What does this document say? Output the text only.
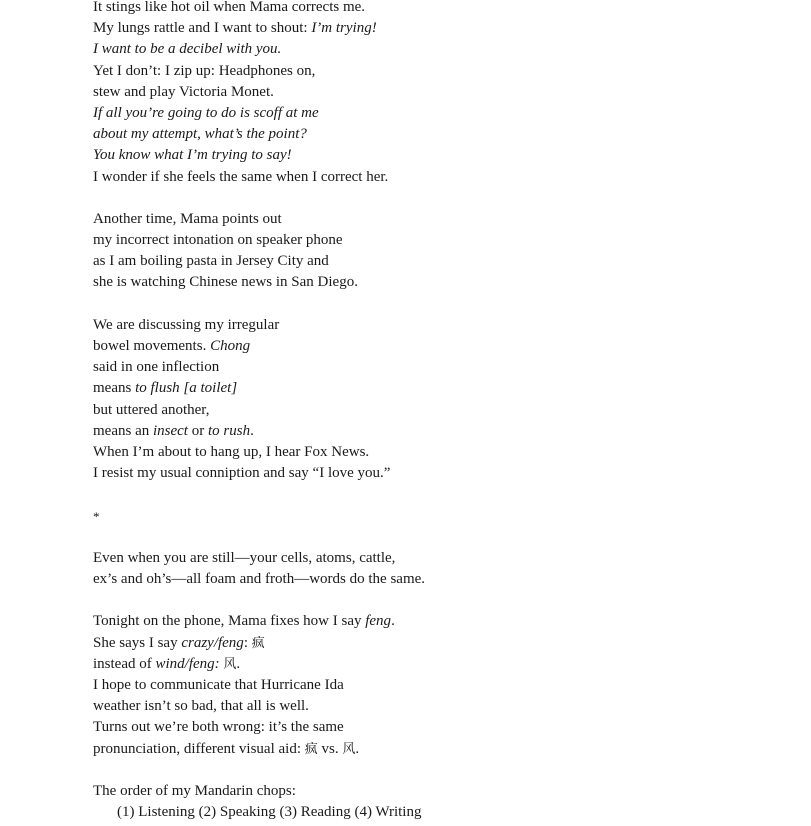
It stings like hot oil when Mama corrects me.
My lungs rattle and I want to shout: I’m trying!
I want to be a decibel with you.
Yet I don’t: I zip up: Headphones on,
stew and play Victoria Monet.
If all you’re going to do is scoff at me
about my attempt, what’s the point?
You know what I’m trying to say!
I wonder if she feels the same when I correct her.
Another time, Mama points out
my incorrect intonation on speaker phone
as I am boiling pasta in Jersey City and
she is watching Chinese news in San Diego.
We are discussing my irregular
bowel movements. Chong
said in one inflection
means to flush [a toilet]
but uttered another,
means an insect or to rush.
When I’m about to hang up, I hear Fox News.
I resist my usual conniption and say “I love you.”
*
Even when you are still—your cells, atoms, cattle,
ex’s and oh’s—all foam and froth—words do the same.
Tonight on the phone, Mama fixes how I say feng.
She says I say crazy/feng: 疯
instead of wind/feng: 风.
I hope to communicate that Hurricane Ida
weather isn’t so bad, that all is well.
Turns out we’re both wrong: it’s the same
pronunciation, different visual aid: 疯 vs. 风.
The order of my Mandarin chops:
(1) Listening (2) Speaking (3) Reading (4) Writing
